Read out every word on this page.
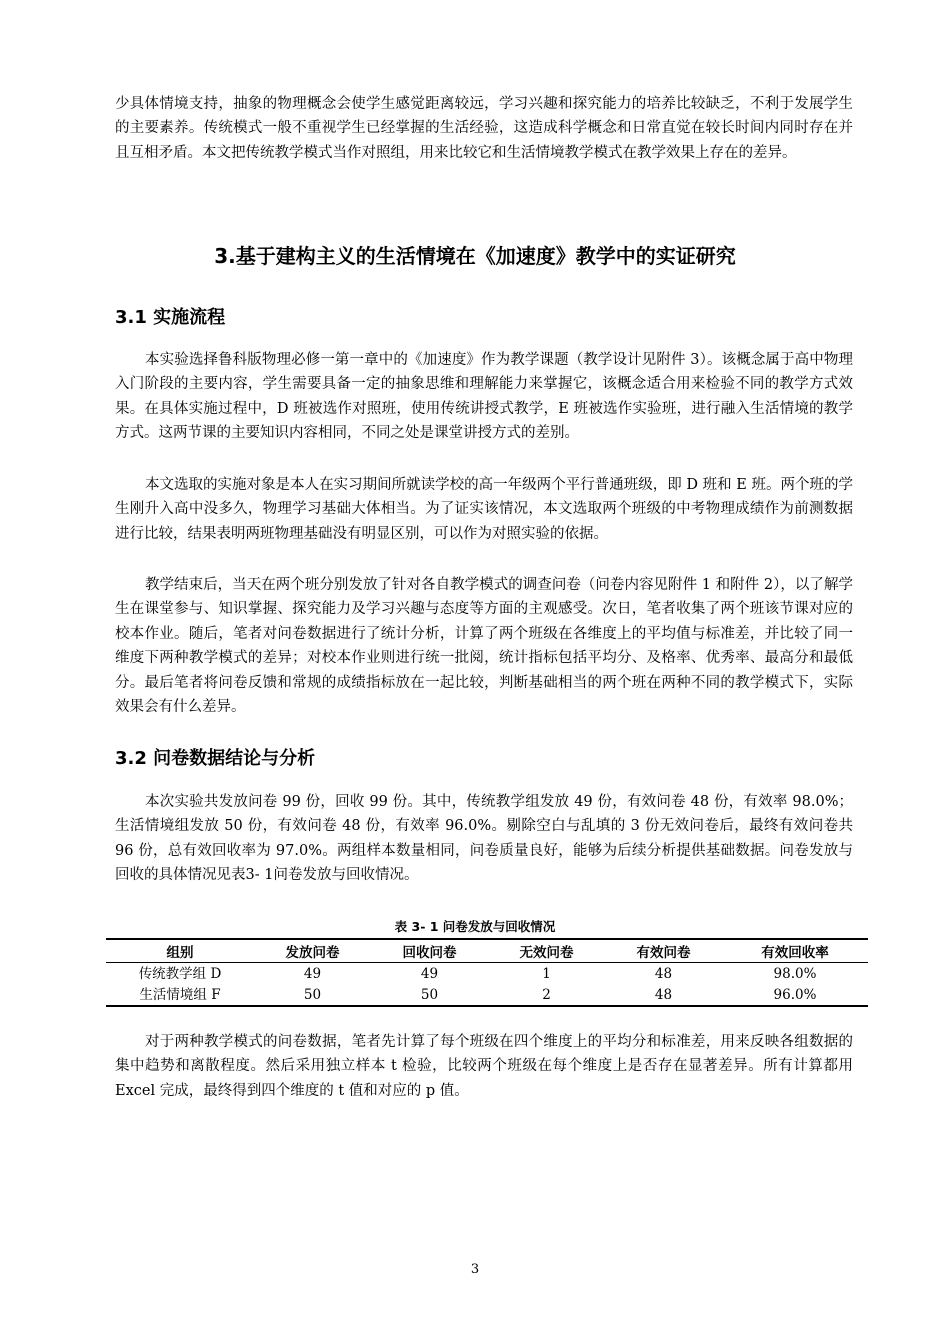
少具体情境支持，抽象的物理概念会使学生感觉距离较远，学习兴趣和探究能力的培养比较缺乏，不利于发展学生的主要素养。传统模式一般不重视学生已经掌握的生活经验，这造成科学概念和日常直觉在较长时间内同时存在并且互相矛盾。本文把传统教学模式当作对照组，用来比较它和生活情境教学模式在教学效果上存在的差异。

3.基于建构主义的生活情境在《加速度》教学中的实证研究
3.1 实施流程

本实验选择鲁科版物理必修一第一章中的《加速度》作为教学课题（教学设计见附件 3）。该概念属于高中物理入门阶段的主要内容，学生需要具备一定的抽象思维和理解能力来掌握它，该概念适合用来检验不同的教学方式效果。在具体实施过程中，D 班被选作对照班，使用传统讲授式教学，E 班被选作实验班，进行融入生活情境的教学方式。这两节课的主要知识内容相同，不同之处是课堂讲授方式的差别。

本文选取的实施对象是本人在实习期间所就读学校的高一年级两个平行普通班级，即 D 班和 E 班。两个班的学生刚升入高中没多久，物理学习基础大体相当。为了证实该情况，本文选取两个班级的中考物理成绩作为前测数据进行比较，结果表明两班物理基础没有明显区别，可以作为对照实验的依据。

教学结束后，当天在两个班分别发放了针对各自教学模式的调查问卷（问卷内容见附件 1 和附件 2），以了解学生在课堂参与、知识掌握、探究能力及学习兴趣与态度等方面的主观感受。次日，笔者收集了两个班该节课对应的校本作业。随后，笔者对问卷数据进行了统计分析，计算了两个班级在各维度上的平均值与标准差，并比较了同一维度下两种教学模式的差异；对校本作业则进行统一批阅，统计指标包括平均分、及格率、优秀率、最高分和最低分。最后笔者将问卷反馈和常规的成绩指标放在一起比较，判断基础相当的两个班在两种不同的教学模式下，实际效果会有什么差异。

3.2 问卷数据结论与分析

本次实验共发放问卷 99 份，回收 99 份。其中，传统教学组发放 49 份，有效问卷 48 份，有效率 98.0%；生活情境组发放 50 份，有效问卷 48 份，有效率 96.0%。剔除空白与乱填的 3 份无效问卷后，最终有效问卷共 96 份，总有效回收率为 97.0%。两组样本数量相同，问卷质量良好，能够为后续分析提供基础数据。问卷发放与回收的具体情况见表3- 1问卷发放与回收情况。

表 3- 1 问卷发放与回收情况

组别	发放问卷	回收问卷	无效问卷	有效问卷	有效回收率
传统教学组 D	49	49	1	48	98.0%
生活情境组 F	50	50	2	48	96.0%

对于两种教学模式的问卷数据，笔者先计算了每个班级在四个维度上的平均分和标准差，用来反映各组数据的集中趋势和离散程度。然后采用独立样本 t 检验，比较两个班级在每个维度上是否存在显著差异。所有计算都用 Excel 完成，最终得到四个维度的 t 值和对应的 p 值。

3
